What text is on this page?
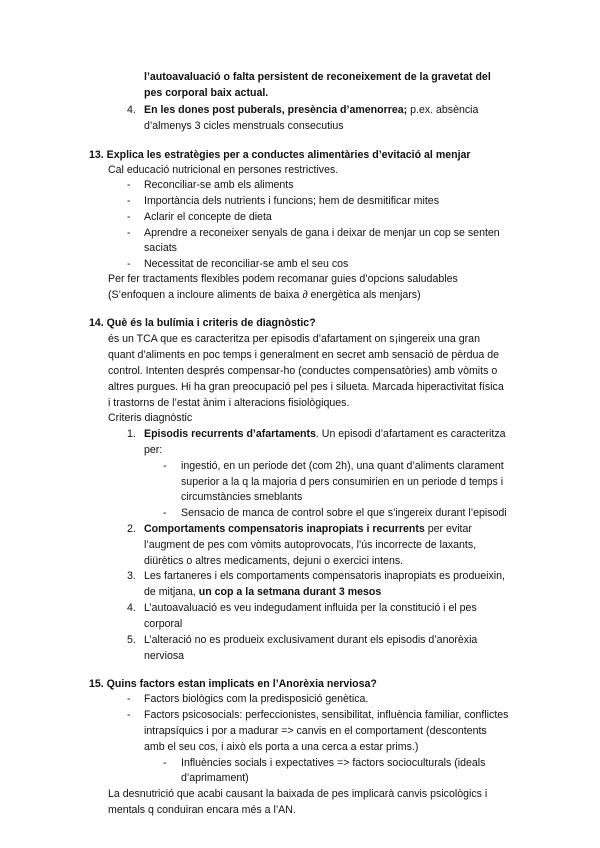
l’autoavaluació o falta persistent de reconeixement de la gravetat del
pes corporal baix actual.
4. En les dones post puberals, presència d’amenorrea; p.ex. absència
d’almenys 3 cicles menstruals consecutius
13. Explica les estratègies per a conductes alimentàries d’evitació al menjar
Cal educació nutricional en persones restrictives.
- Reconciliar-se amb els aliments
- Importància dels nutrients i funcions; hem de desmitificar mites
- Aclarir el concepte de dieta
- Aprendre a reconeixer senyals de gana i deixar de menjar un cop se senten
saciats
- Necessitat de reconciliar-se amb el seu cos
Per fer tractaments flexibles podem recomanar guies d’opcions saludables
(S’enfoquen a incloure aliments de baixa ∂ energètica als menjars)
14. Què és la bulímia i criteris de diagnòstic?
és un TCA que es caracteritza per episodis d’afartament on s¡ingereix una gran
quant d’aliments en poc temps i generalment en secret amb sensació de pèrdua de
control. Intenten després compensar-ho (conductes compensatòries) amb vòmits o
altres purgues. Hi ha gran preocupació pel pes i silueta. Marcada hiperactivitat física
i trastorns de l’estat ànim i alteracions fisiològiques.
Criteris diagnòstic
1. Episodis recurrents d’afartaments. Un episodi d’afartament es caracteritza
per:
- ingestió, en un periode det (com 2h), una quant d’aliments clarament
superior a la q la majoria d pers consumirien en un periode d temps i
circumstàncies smeblants
- Sensacio de manca de control sobre el que s’ingereix durant l’episodi
2. Comportaments compensatoris inapropiats i recurrents per evitar
l’augment de pes com vòmits autoprovocats, l’ús incorrecte de laxants,
diürètics o altres medicaments, dejuni o exercici intens.
3. Les fartaneres i els comportaments compensatoris inapropiats es produeixin,
de mitjana, un cop a la setmana durant 3 mesos
4. L’autoavaluació es veu indegudament influida per la constitució i el pes
corporal
5. L’alteració no es produeix exclusivament durant els episodis d’anorèxia
nerviosa
15. Quins factors estan implicats en l’Anorèxia nerviosa?
- Factors biològics com la predisposició genètica.
- Factors psicosocials: perfeccionistes, sensibilitat, influència familiar, conflictes
intrapsíquics i por a madurar => canvis en el comportament (descontents
amb el seu cos, i això els porta a una cerca a estar prims.)
- Influències socials i expectatives => factors socioculturals (ideals
d’aprimament)
La desnutrició que acabi causant la baixada de pes implicarà canvis psicològics i
mentals q conduiran encara més a l’AN.
